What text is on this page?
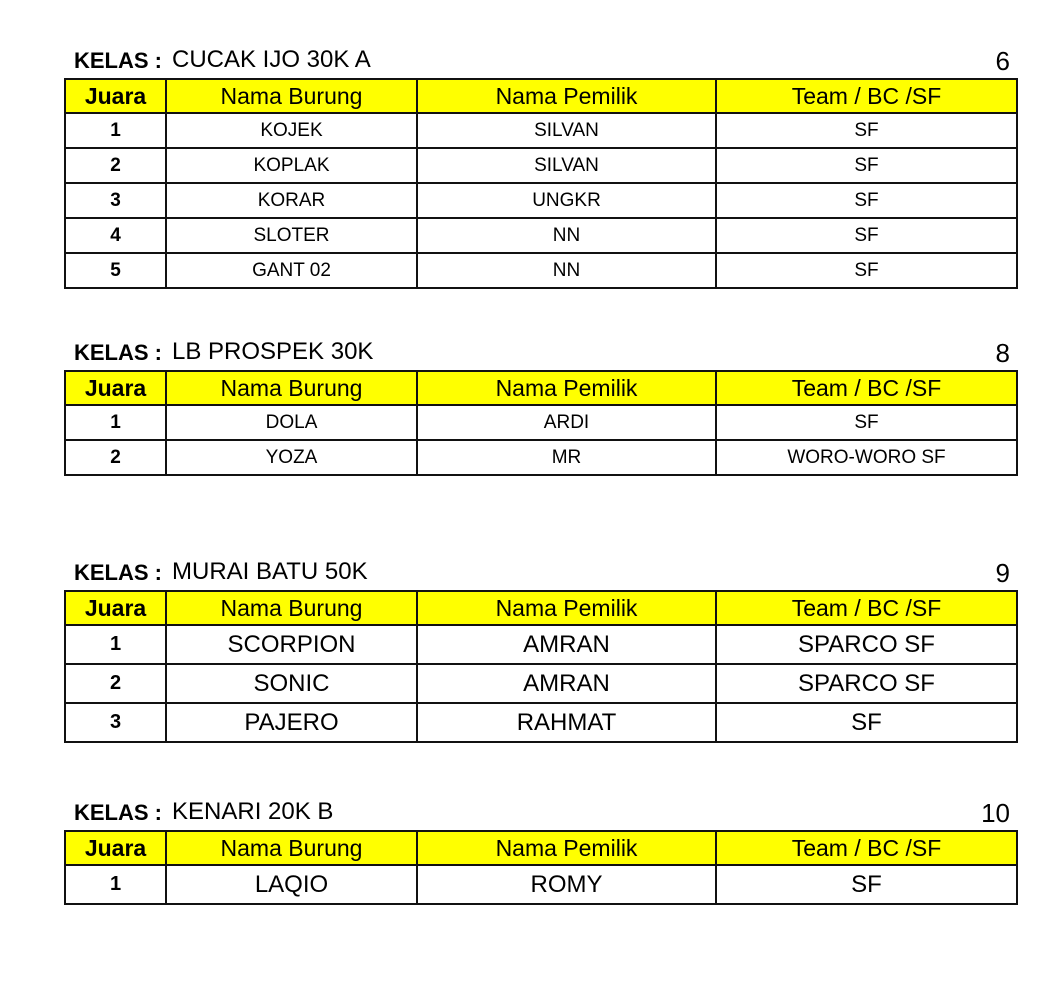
KELAS : CUCAK IJO 30K A	6
Juara	Nama Burung	Nama Pemilik	Team / BC /SF
1	KOJEK	SILVAN	SF
2	KOPLAK	SILVAN	SF
3	KORAR	UNGKR	SF
4	SLOTER	NN	SF
5	GANT 02	NN	SF
KELAS : LB PROSPEK 30K	8
Juara	Nama Burung	Nama Pemilik	Team / BC /SF
1	DOLA	ARDI	SF
2	YOZA	MR	WORO-WORO SF
KELAS : MURAI BATU 50K	9
Juara	Nama Burung	Nama Pemilik	Team / BC /SF
1	SCORPION	AMRAN	SPARCO SF
2	SONIC	AMRAN	SPARCO SF
3	PAJERO	RAHMAT	SF
KELAS : KENARI 20K B	10
Juara	Nama Burung	Nama Pemilik	Team / BC /SF
1	LAQIO	ROMY	SF
